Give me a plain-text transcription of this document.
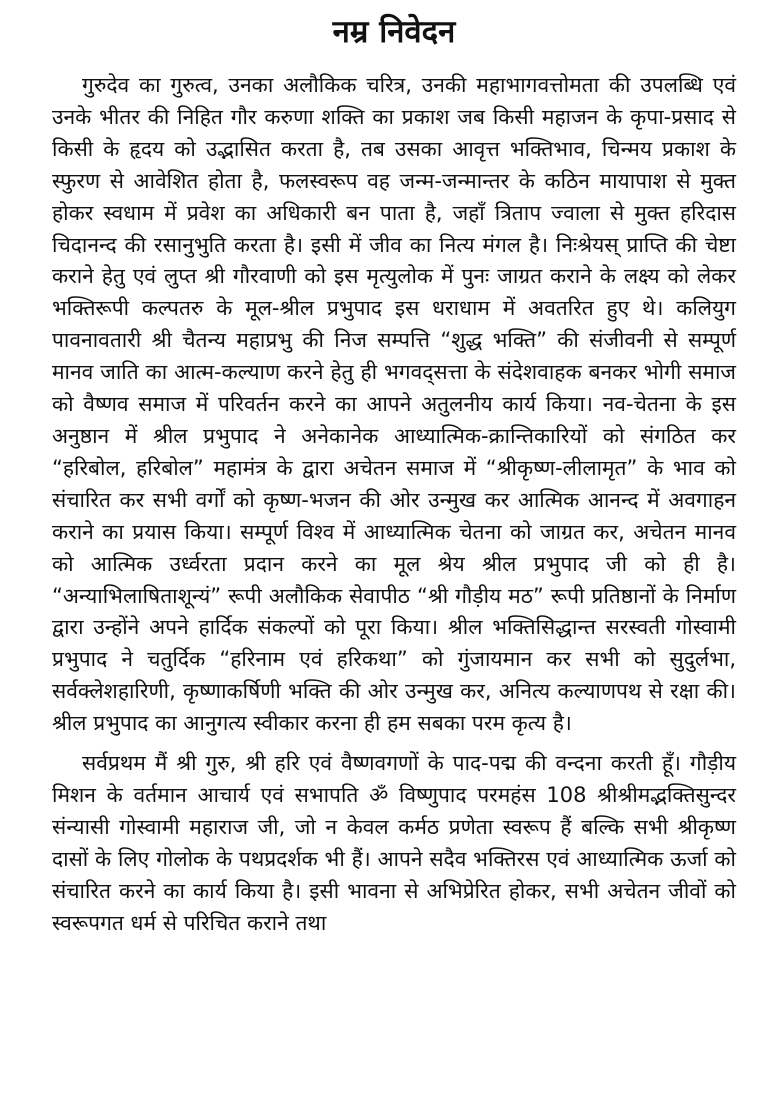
नम्र निवेदन

गुरुदेव का गुरुत्व, उनका अलौकिक चरित्र, उनकी महाभागवत्तोमता की उपलब्धि एवं उनके भीतर की निहित गौर करुणा शक्ति का प्रकाश जब किसी महाजन के कृपा-प्रसाद से किसी के हृदय को उद्भासित करता है, तब उसका आवृत्त भक्तिभाव, चिन्मय प्रकाश के स्फुरण से आवेशित होता है, फलस्वरूप वह जन्म-जन्मान्तर के कठिन मायापाश से मुक्त होकर स्वधाम में प्रवेश का अधिकारी बन पाता है, जहाँ त्रिताप ज्वाला से मुक्त हरिदास चिदानन्द की रसानुभुति करता है। इसी में जीव का नित्य मंगल है। निःश्रेयस् प्राप्ति की चेष्टा कराने हेतु एवं लुप्त श्री गौरवाणी को इस मृत्युलोक में पुनः जाग्रत कराने के लक्ष्य को लेकर भक्तिरूपी कल्पतरु के मूल-श्रील प्रभुपाद इस धराधाम में अवतरित हुए थे। कलियुग पावनावतारी श्री चैतन्य महाप्रभु की निज सम्पत्ति “शुद्ध भक्ति” की संजीवनी से सम्पूर्ण मानव जाति का आत्म-कल्याण करने हेतु ही भगवद्सत्ता के संदेशवाहक बनकर भोगी समाज को वैष्णव समाज में परिवर्तन करने का आपने अतुलनीय कार्य किया। नव-चेतना के इस अनुष्ठान में श्रील प्रभुपाद ने अनेकानेक आध्यात्मिक-क्रान्तिकारियों को संगठित कर “हरिबोल, हरिबोल” महामंत्र के द्वारा अचेतन समाज में “श्रीकृष्ण-लीलामृत” के भाव को संचारित कर सभी वर्गों को कृष्ण-भजन की ओर उन्मुख कर आत्मिक आनन्द में अवगाहन कराने का प्रयास किया। सम्पूर्ण विश्व में आध्यात्मिक चेतना को जाग्रत कर, अचेतन मानव को आत्मिक उर्ध्वरता प्रदान करने का मूल श्रेय श्रील प्रभुपाद जी को ही है। “अन्याभिलाषिताशून्यं” रूपी अलौकिक सेवापीठ “श्री गौड़ीय मठ” रूपी प्रतिष्ठानों के निर्माण द्वारा उन्होंने अपने हार्दिक संकल्पों को पूरा किया। श्रील भक्तिसिद्धान्त सरस्वती गोस्वामी प्रभुपाद ने चतुर्दिक “हरिनाम एवं हरिकथा” को गुंजायमान कर सभी को सुदुर्लभा, सर्वक्लेशहारिणी, कृष्णाकर्षिणी भक्ति की ओर उन्मुख कर, अनित्य कल्याणपथ से रक्षा की। श्रील प्रभुपाद का आनुगत्य स्वीकार करना ही हम सबका परम कृत्य है।

सर्वप्रथम मैं श्री गुरु, श्री हरि एवं वैष्णवगणों के पाद-पद्म की वन्दना करती हूँ। गौड़ीय मिशन के वर्तमान आचार्य एवं सभापति ॐ विष्णुपाद परमहंस 108 श्रीश्रीमद्भक्तिसुन्दर संन्यासी गोस्वामी महाराज जी, जो न केवल कर्मठ प्रणेता स्वरूप हैं बल्कि सभी श्रीकृष्ण दासों के लिए गोलोक के पथप्रदर्शक भी हैं। आपने सदैव भक्तिरस एवं आध्यात्मिक ऊर्जा को संचारित करने का कार्य किया है। इसी भावना से अभिप्रेरित होकर, सभी अचेतन जीवों को स्वरूपगत धर्म से परिचित कराने तथा
